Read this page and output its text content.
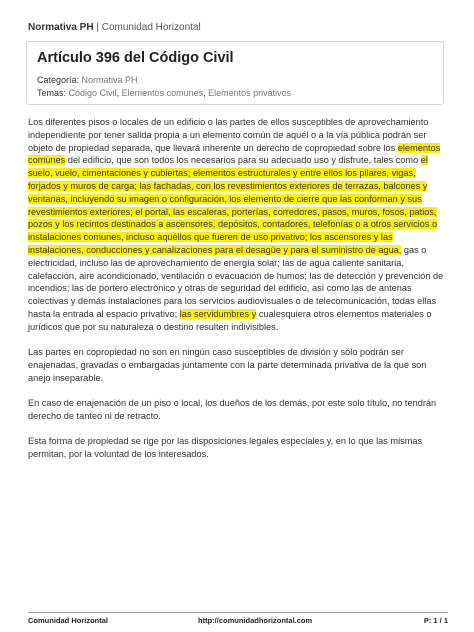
Normativa PH | Comunidad Horizontal
Artículo 396 del Código Civil
Categoría: Normativa PH
Temas: Código Civil, Elementos comunes, Elementos privativos

Los diferentes pisos o locales de un edificio o las partes de ellos susceptibles de aprovechamiento independiente por tener salida propia a un elemento común de aquél o a la vía pública podrán ser objeto de propiedad separada, que llevará inherente un derecho de copropiedad sobre los elementos comunes del edificio, que son todos los necesarios para su adecuado uso y disfrute, tales como el suelo, vuelo, cimentaciones y cubiertas; elementos estructurales y entre ellos los pilares, vigas, forjados y muros de carga; las fachadas, con los revestimientos exteriores de terrazas, balcones y ventanas, incluyendo su imagen o configuración, los elemento de cierre que las conforman y sus revestimientos exteriores; el portal, las escaleras, porterías, corredores, pasos, muros, fosos, patios, pozos y los recintos destinados a ascensores, depósitos, contadores, telefonías o a otros servicios o instalaciones comunes, incluso aquéllos que fueren de uso privativo; los ascensores y las instalaciones, conducciones y canalizaciones para el desagüe y para el suministro de agua, gas o electricidad, incluso las de aprovechamiento de energía solar; las de agua caliente sanitaria, calefacción, aire acondicionado, ventilación o evacuación de humos; las de detección y prevención de incendios; las de portero electrónico y otras de seguridad del edificio, así como las de antenas colectivas y demás instalaciones para los servicios audiovisuales o de telecomunicación, todas ellas hasta la entrada al espacio privativo; las servidumbres y cualesquiera otros elementos materiales o jurídicos que por su naturaleza o destino resulten indivisibles.

Las partes en copropiedad no son en ningún caso susceptibles de división y sólo podrán ser enajenadas, gravadas o embargadas juntamente con la parte determinada privativa de la que son anejo inseparable.

En caso de enajenación de un piso o local, los dueños de los demás, por este solo título, no tendrán derecho de tanteo ni de retracto.

Esta forma de propiedad se rige por las disposiciones legales especiales y, en lo que las mismas permitan, por la voluntad de los interesados.

Comunidad Horizontal	http://comunidadhorizontal.com	P: 1 / 1
